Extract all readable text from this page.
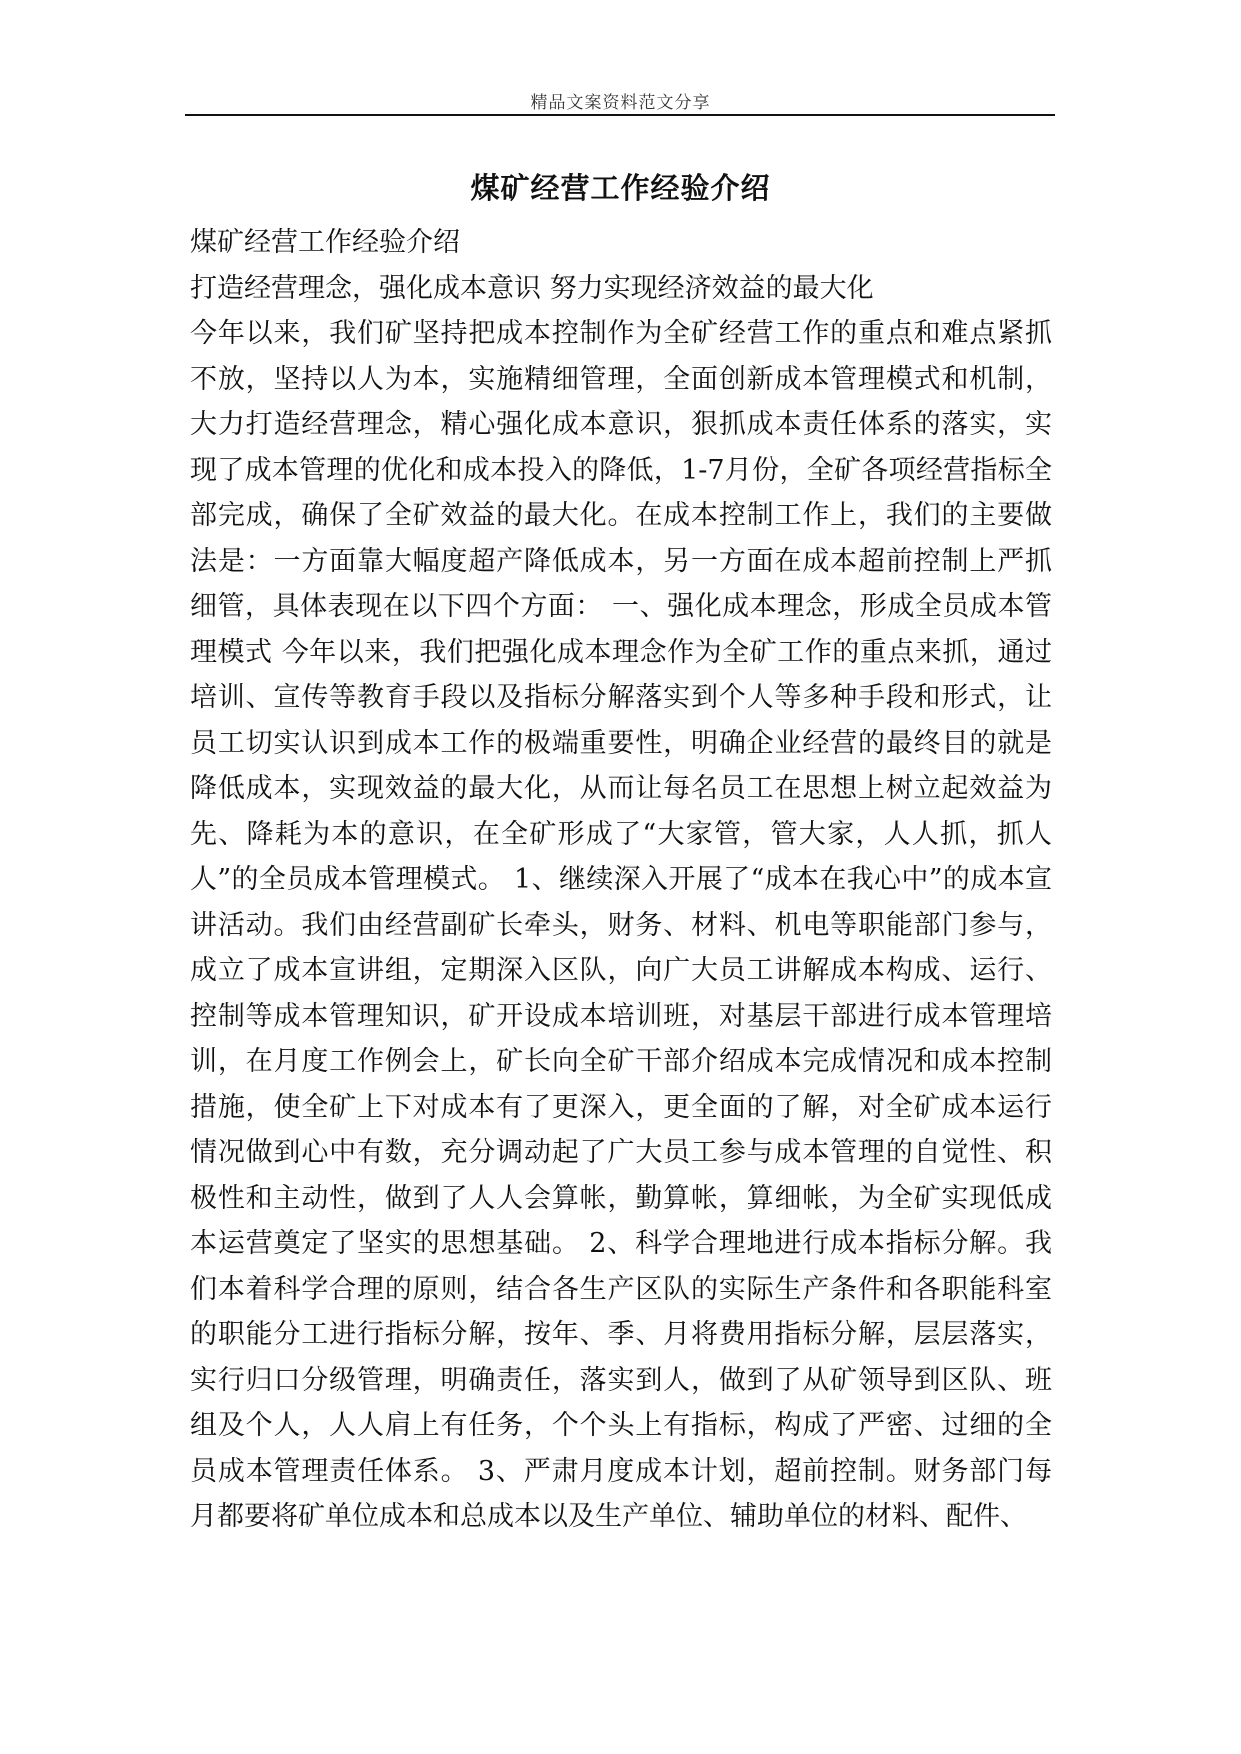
精品文案资料范文分享
煤矿经营工作经验介绍

煤矿经营工作经验介绍

打造经营理念，强化成本意识 努力实现经济效益的最大化

今年以来，我们矿坚持把成本控制作为全矿经营工作的重点和难点紧抓不放，坚持以人为本，实施精细管理，全面创新成本管理模式和机制，大力打造经营理念，精心强化成本意识，狠抓成本责任体系的落实，实现了成本管理的优化和成本投入的降低，1-7月份，全矿各项经营指标全部完成，确保了全矿效益的最大化。在成本控制工作上，我们的主要做法是：一方面靠大幅度超产降低成本，另一方面在成本超前控制上严抓细管，具体表现在以下四个方面： 一、强化成本理念，形成全员成本管理模式 今年以来，我们把强化成本理念作为全矿工作的重点来抓，通过培训、宣传等教育手段以及指标分解落实到个人等多种手段和形式，让员工切实认识到成本工作的极端重要性，明确企业经营的最终目的就是降低成本，实现效益的最大化，从而让每名员工在思想上树立起效益为先、降耗为本的意识，在全矿形成了“大家管，管大家，人人抓，抓人人”的全员成本管理模式。 1、继续深入开展了“成本在我心中”的成本宣讲活动。我们由经营副矿长牵头，财务、材料、机电等职能部门参与，成立了成本宣讲组，定期深入区队，向广大员工讲解成本构成、运行、控制等成本管理知识，矿开设成本培训班，对基层干部进行成本管理培训，在月度工作例会上，矿长向全矿干部介绍成本完成情况和成本控制措施，使全矿上下对成本有了更深入，更全面的了解，对全矿成本运行情况做到心中有数，充分调动起了广大员工参与成本管理的自觉性、积极性和主动性，做到了人人会算帐，勤算帐，算细帐，为全矿实现低成本运营奠定了坚实的思想基础。 2、科学合理地进行成本指标分解。我们本着科学合理的原则，结合各生产区队的实际生产条件和各职能科室的职能分工进行指标分解，按年、季、月将费用指标分解，层层落实，实行归口分级管理，明确责任，落实到人，做到了从矿领导到区队、班组及个人，人人肩上有任务，个个头上有指标，构成了严密、过细的全员成本管理责任体系。 3、严肃月度成本计划，超前控制。财务部门每月都要将矿单位成本和总成本以及生产单位、辅助单位的材料、配件、
